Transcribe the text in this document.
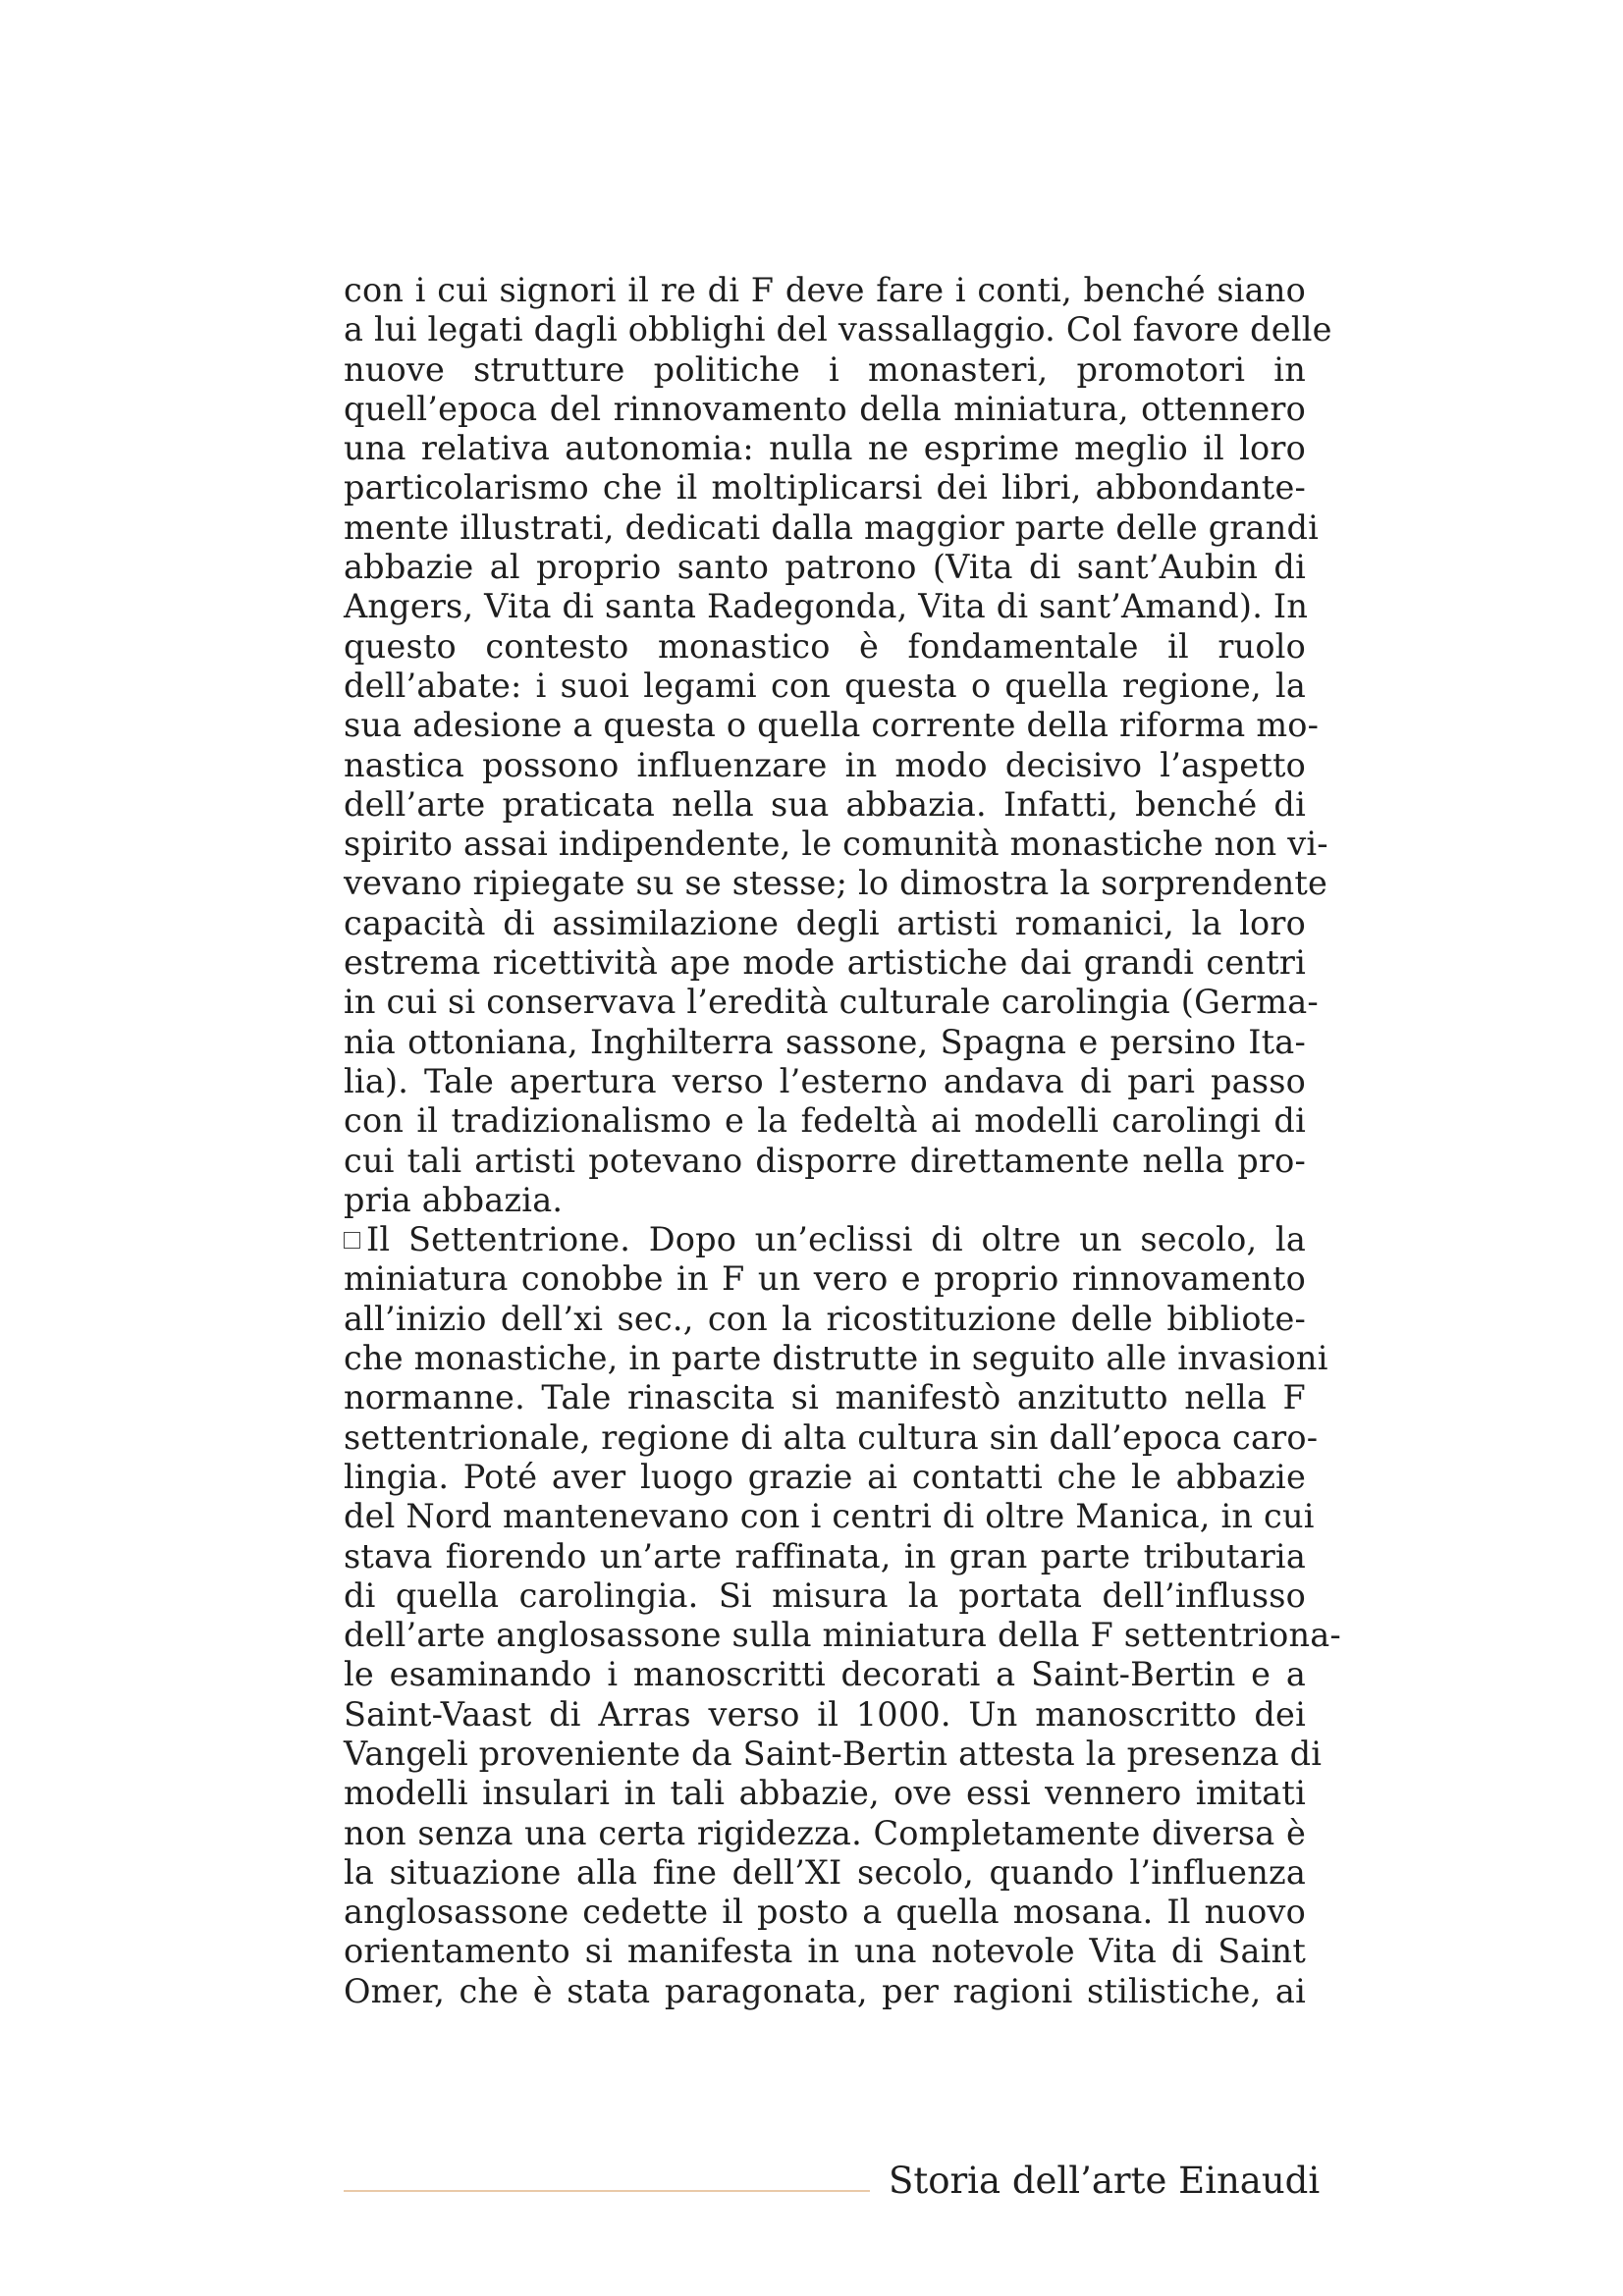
con i cui signori il re di F deve fare i conti, benché siano
a lui legati dagli obblighi del vassallaggio. Col favore delle
nuove strutture politiche i monasteri, promotori in
quell’epoca del rinnovamento della miniatura, ottennero
una relativa autonomia: nulla ne esprime meglio il loro
particolarismo che il moltiplicarsi dei libri, abbondante-
mente illustrati, dedicati dalla maggior parte delle grandi
abbazie al proprio santo patrono (Vita di sant’Aubin di
Angers, Vita di santa Radegonda, Vita di sant’Amand). In
questo contesto monastico è fondamentale il ruolo
dell’abate: i suoi legami con questa o quella regione, la
sua adesione a questa o quella corrente della riforma mo-
nastica possono influenzare in modo decisivo l’aspetto
dell’arte praticata nella sua abbazia. Infatti, benché di
spirito assai indipendente, le comunità monastiche non vi-
vevano ripiegate su se stesse; lo dimostra la sorprendente
capacità di assimilazione degli artisti romanici, la loro
estrema ricettività ape mode artistiche dai grandi centri
in cui si conservava l’eredità culturale carolingia (Germa-
nia ottoniana, Inghilterra sassone, Spagna e persino Ita-
lia). Tale apertura verso l’esterno andava di pari passo
con il tradizionalismo e la fedeltà ai modelli carolingi di
cui tali artisti potevano disporre direttamente nella pro-
pria abbazia.
Il Settentrione. Dopo un’eclissi di oltre un secolo, la
miniatura conobbe in F un vero e proprio rinnovamento
all’inizio dell’xi sec., con la ricostituzione delle bibliote-
che monastiche, in parte distrutte in seguito alle invasioni
normanne. Tale rinascita si manifestò anzitutto nella F
settentrionale, regione di alta cultura sin dall’epoca caro-
lingia. Poté aver luogo grazie ai contatti che le abbazie
del Nord mantenevano con i centri di oltre Manica, in cui
stava fiorendo un’arte raffinata, in gran parte tributaria
di quella carolingia. Si misura la portata dell’influsso
dell’arte anglosassone sulla miniatura della F settentriona-
le esaminando i manoscritti decorati a Saint-Bertin e a
Saint-Vaast di Arras verso il 1000. Un manoscritto dei
Vangeli proveniente da Saint-Bertin attesta la presenza di
modelli insulari in tali abbazie, ove essi vennero imitati
non senza una certa rigidezza. Completamente diversa è
la situazione alla fine dell’XI secolo, quando l’influenza
anglosassone cedette il posto a quella mosana. Il nuovo
orientamento si manifesta in una notevole Vita di Saint
Omer, che è stata paragonata, per ragioni stilistiche, ai
Storia dell’arte Einaudi
